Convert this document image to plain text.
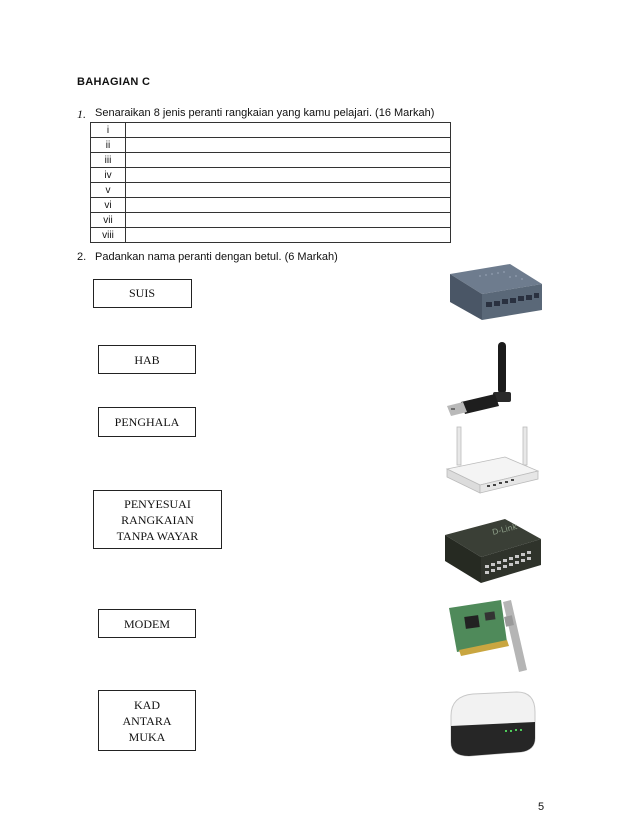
BAHAGIAN C
1. Senaraikan 8 jenis peranti rangkaian yang kamu pelajari. (16 Markah)
i	
ii	
iii	
iv	
v	
vi	
vii	
viii	
2. Padankan nama peranti dengan betul. (6 Markah)
SUIS
HAB
PENGHALA
PENYESUAI
RANGKAIAN
TANPA WAYAR
MODEM
KAD
ANTARA
MUKA
D-Link
5
